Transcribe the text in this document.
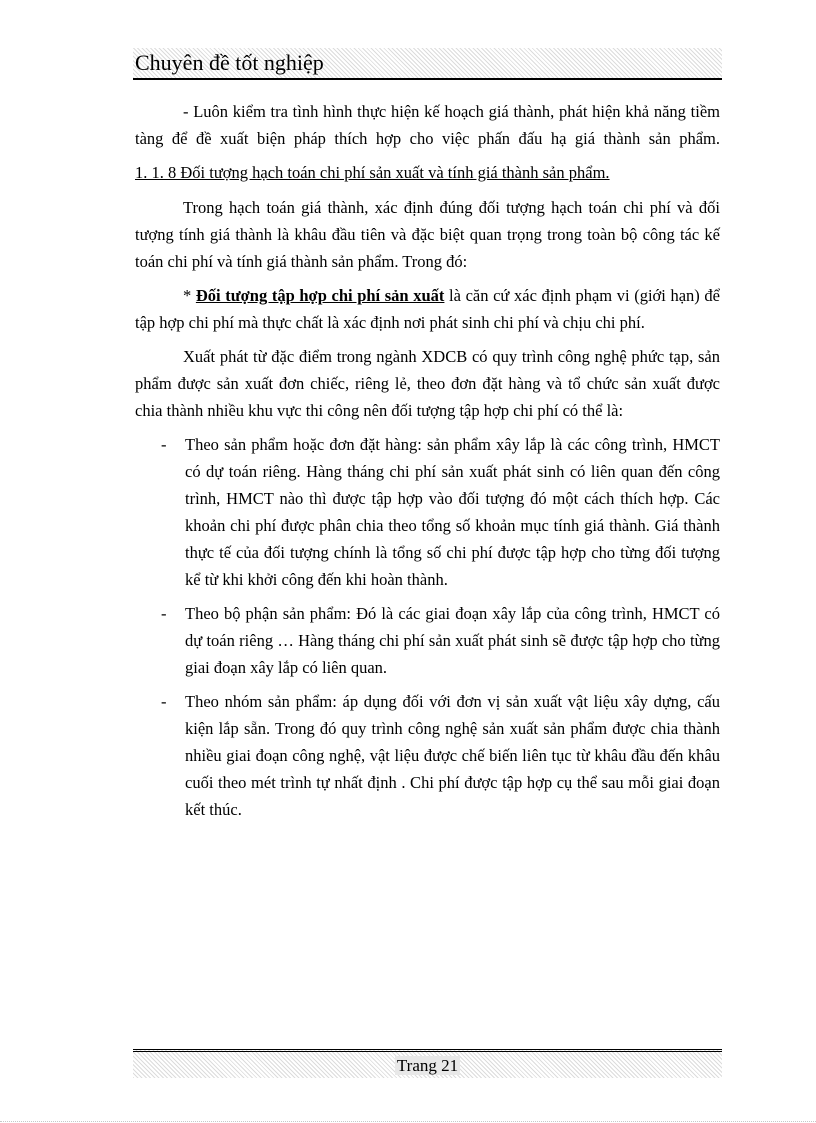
Chuyên đề tốt nghiệp

- Luôn kiểm tra tình hình thực hiện kế hoạch giá thành, phát hiện khả năng tiềm tàng để đề xuất biện pháp thích hợp cho việc phấn đấu hạ giá thành sản phẩm.

1. 1. 8 Đối tượng hạch toán chi phí sản xuất và tính giá thành sản phẩm.

Trong hạch toán giá thành, xác định đúng đối tượng hạch toán chi phí và đối tượng tính giá thành là khâu đầu tiên và đặc biệt quan trọng trong toàn bộ công tác kế toán chi phí và tính giá thành sản phẩm. Trong đó:

* Đối tượng tập hợp chi phí sản xuất là căn cứ xác định phạm vi (giới hạn) để tập hợp chi phí mà thực chất là xác định nơi phát sinh chi phí và chịu chi phí.

Xuất phát từ đặc điểm trong ngành XDCB có quy trình công nghệ phức tạp, sản phẩm được sản xuất đơn chiếc, riêng lẻ, theo đơn đặt hàng và tổ chức sản xuất được chia thành nhiều khu vực thi công nên đối tượng tập hợp chi phí có thể là:

- Theo sản phẩm hoặc đơn đặt hàng: sản phẩm xây lắp là các công trình, HMCT có dự toán riêng. Hàng tháng chi phí sản xuất phát sinh có liên quan đến công trình, HMCT nào thì được tập hợp vào đối tượng đó một cách thích hợp. Các khoản chi phí được phân chia theo tổng số khoản mục tính giá thành. Giá thành thực tế của đối tượng chính là tổng số chi phí được tập hợp cho từng đối tượng kể từ khi khởi công đến khi hoàn thành.
- Theo bộ phận sản phẩm: Đó là các giai đoạn xây lắp của công trình, HMCT có dự toán riêng … Hàng tháng chi phí sản xuất phát sinh sẽ được tập hợp cho từng giai đoạn xây lắp có liên quan.
- Theo nhóm sản phẩm: áp dụng đối với đơn vị sản xuất vật liệu xây dựng, cấu kiện lắp sẵn. Trong đó quy trình công nghệ sản xuất sản phẩm được chia thành nhiều giai đoạn công nghệ, vật liệu được chế biến liên tục từ khâu đầu đến khâu cuối theo mét trình tự nhất định . Chi phí được tập hợp cụ thể sau mỗi giai đoạn kết thúc.
Trang 21
